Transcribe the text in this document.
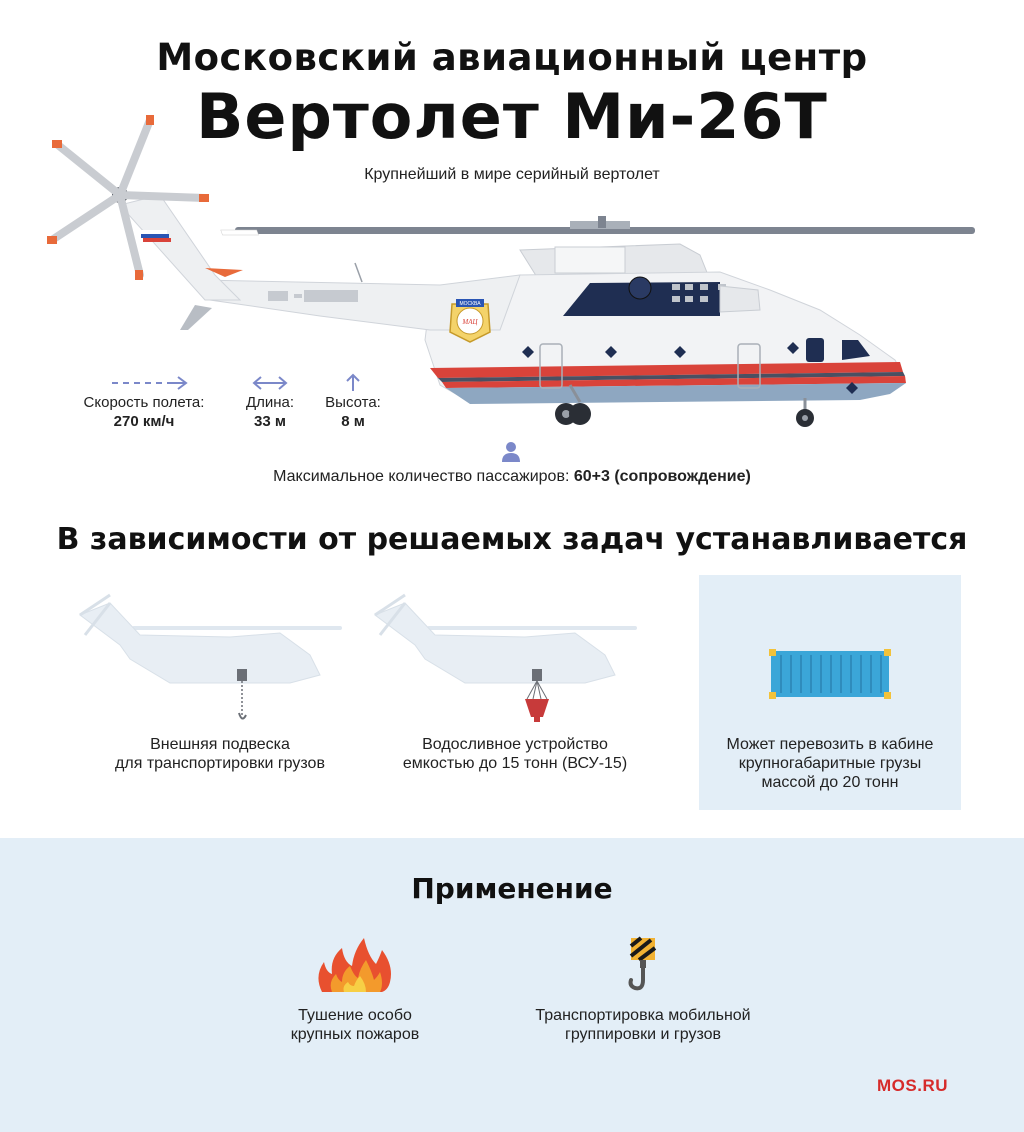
Московский авиационный центр
Вертолет Ми-26Т
Крупнейший в мире серийный вертолет
МОСКВА
МАЦ
Скорость полета:
270 км/ч
Длина:
33 м
Высота:
8 м
Максимальное количество пассажиров: 60+3 (сопровождение)
В зависимости от решаемых задач устанавливается
Внешняя подвеска
для транспортировки грузов
Водосливное устройство
емкостью до 15 тонн (ВСУ-15)
Может перевозить в кабине
крупногабаритные грузы
массой до 20 тонн
Применение
Тушение особо
крупных пожаров
Транспортировка мобильной
группировки и грузов
MOS.RU
